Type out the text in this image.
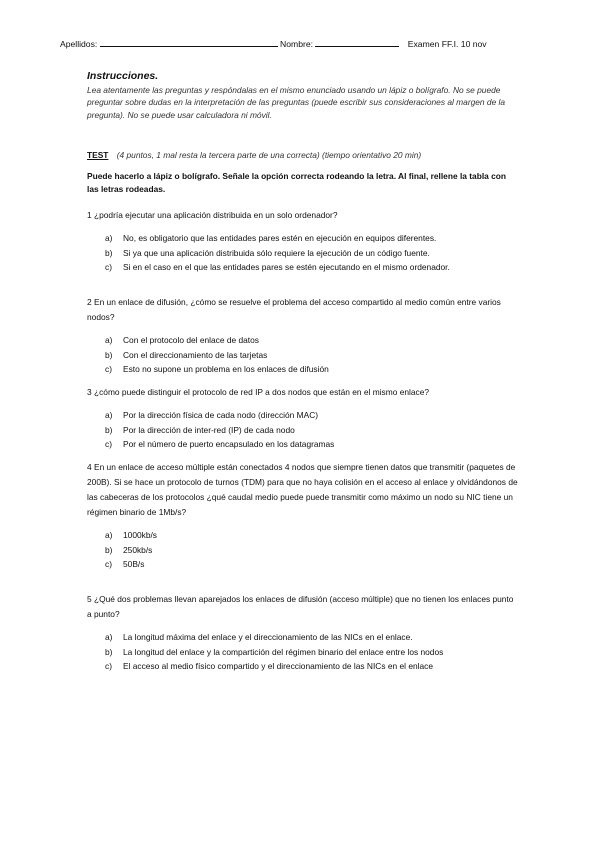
Apellidos:	Nombre:	Examen FF.I. 10 nov

Instrucciones.

Lea atentamente las preguntas y respóndalas en el mismo enunciado usando un lápiz o bolígrafo. No se puede preguntar sobre dudas en la interpretación de las preguntas (puede escribir sus consideraciones al margen de la pregunta). No se puede usar calculadora ni móvil.

TEST (4 puntos, 1 mal resta la tercera parte de una correcta) (tiempo orientativo 20 min)

Puede hacerlo a lápiz o bolígrafo. Señale la opción correcta rodeando la letra. Al final, rellene la tabla con las letras rodeadas.

1 ¿podría ejecutar una aplicación distribuida en un solo ordenador?

a)	No, es obligatorio que las entidades pares estén en ejecución en equipos diferentes.
b)	Si ya que una aplicación distribuida sólo requiere la ejecución de un código fuente.
c)	Si en el caso en el que las entidades pares se estén ejecutando en el mismo ordenador.

2 En un enlace de difusión, ¿cómo se resuelve el problema del acceso compartido al medio común entre varios nodos?

a)	Con el protocolo del enlace de datos
b)	Con el direccionamiento de las tarjetas
c)	Esto no supone un problema en los enlaces de difusión

3 ¿cómo puede distinguir el protocolo de red IP a dos nodos que están en el mismo enlace?

a)	Por la dirección física de cada nodo (dirección MAC)
b)	Por la dirección de inter-red (IP) de cada nodo
c)	Por el número de puerto encapsulado en los datagramas

4 En un enlace de acceso múltiple están conectados 4 nodos que siempre tienen datos que transmitir (paquetes de 200B). Si se hace un protocolo de turnos (TDM) para que no haya colisión en el acceso al enlace y olvidándonos de las cabeceras de los protocolos ¿qué caudal medio puede puede transmitir como máximo un nodo su NIC tiene un régimen binario de 1Mb/s?

a)	1000kb/s
b)	250kb/s
c)	50B/s

5 ¿Qué dos problemas llevan aparejados los enlaces de difusión (acceso múltiple) que no tienen los enlaces punto a punto?

a)	La longitud máxima del enlace y el direccionamiento de las NICs en el enlace.
b)	La longitud del enlace y la compartición del régimen binario del enlace entre los nodos
c)	El acceso al medio físico compartido y el direccionamiento de las NICs en el enlace
